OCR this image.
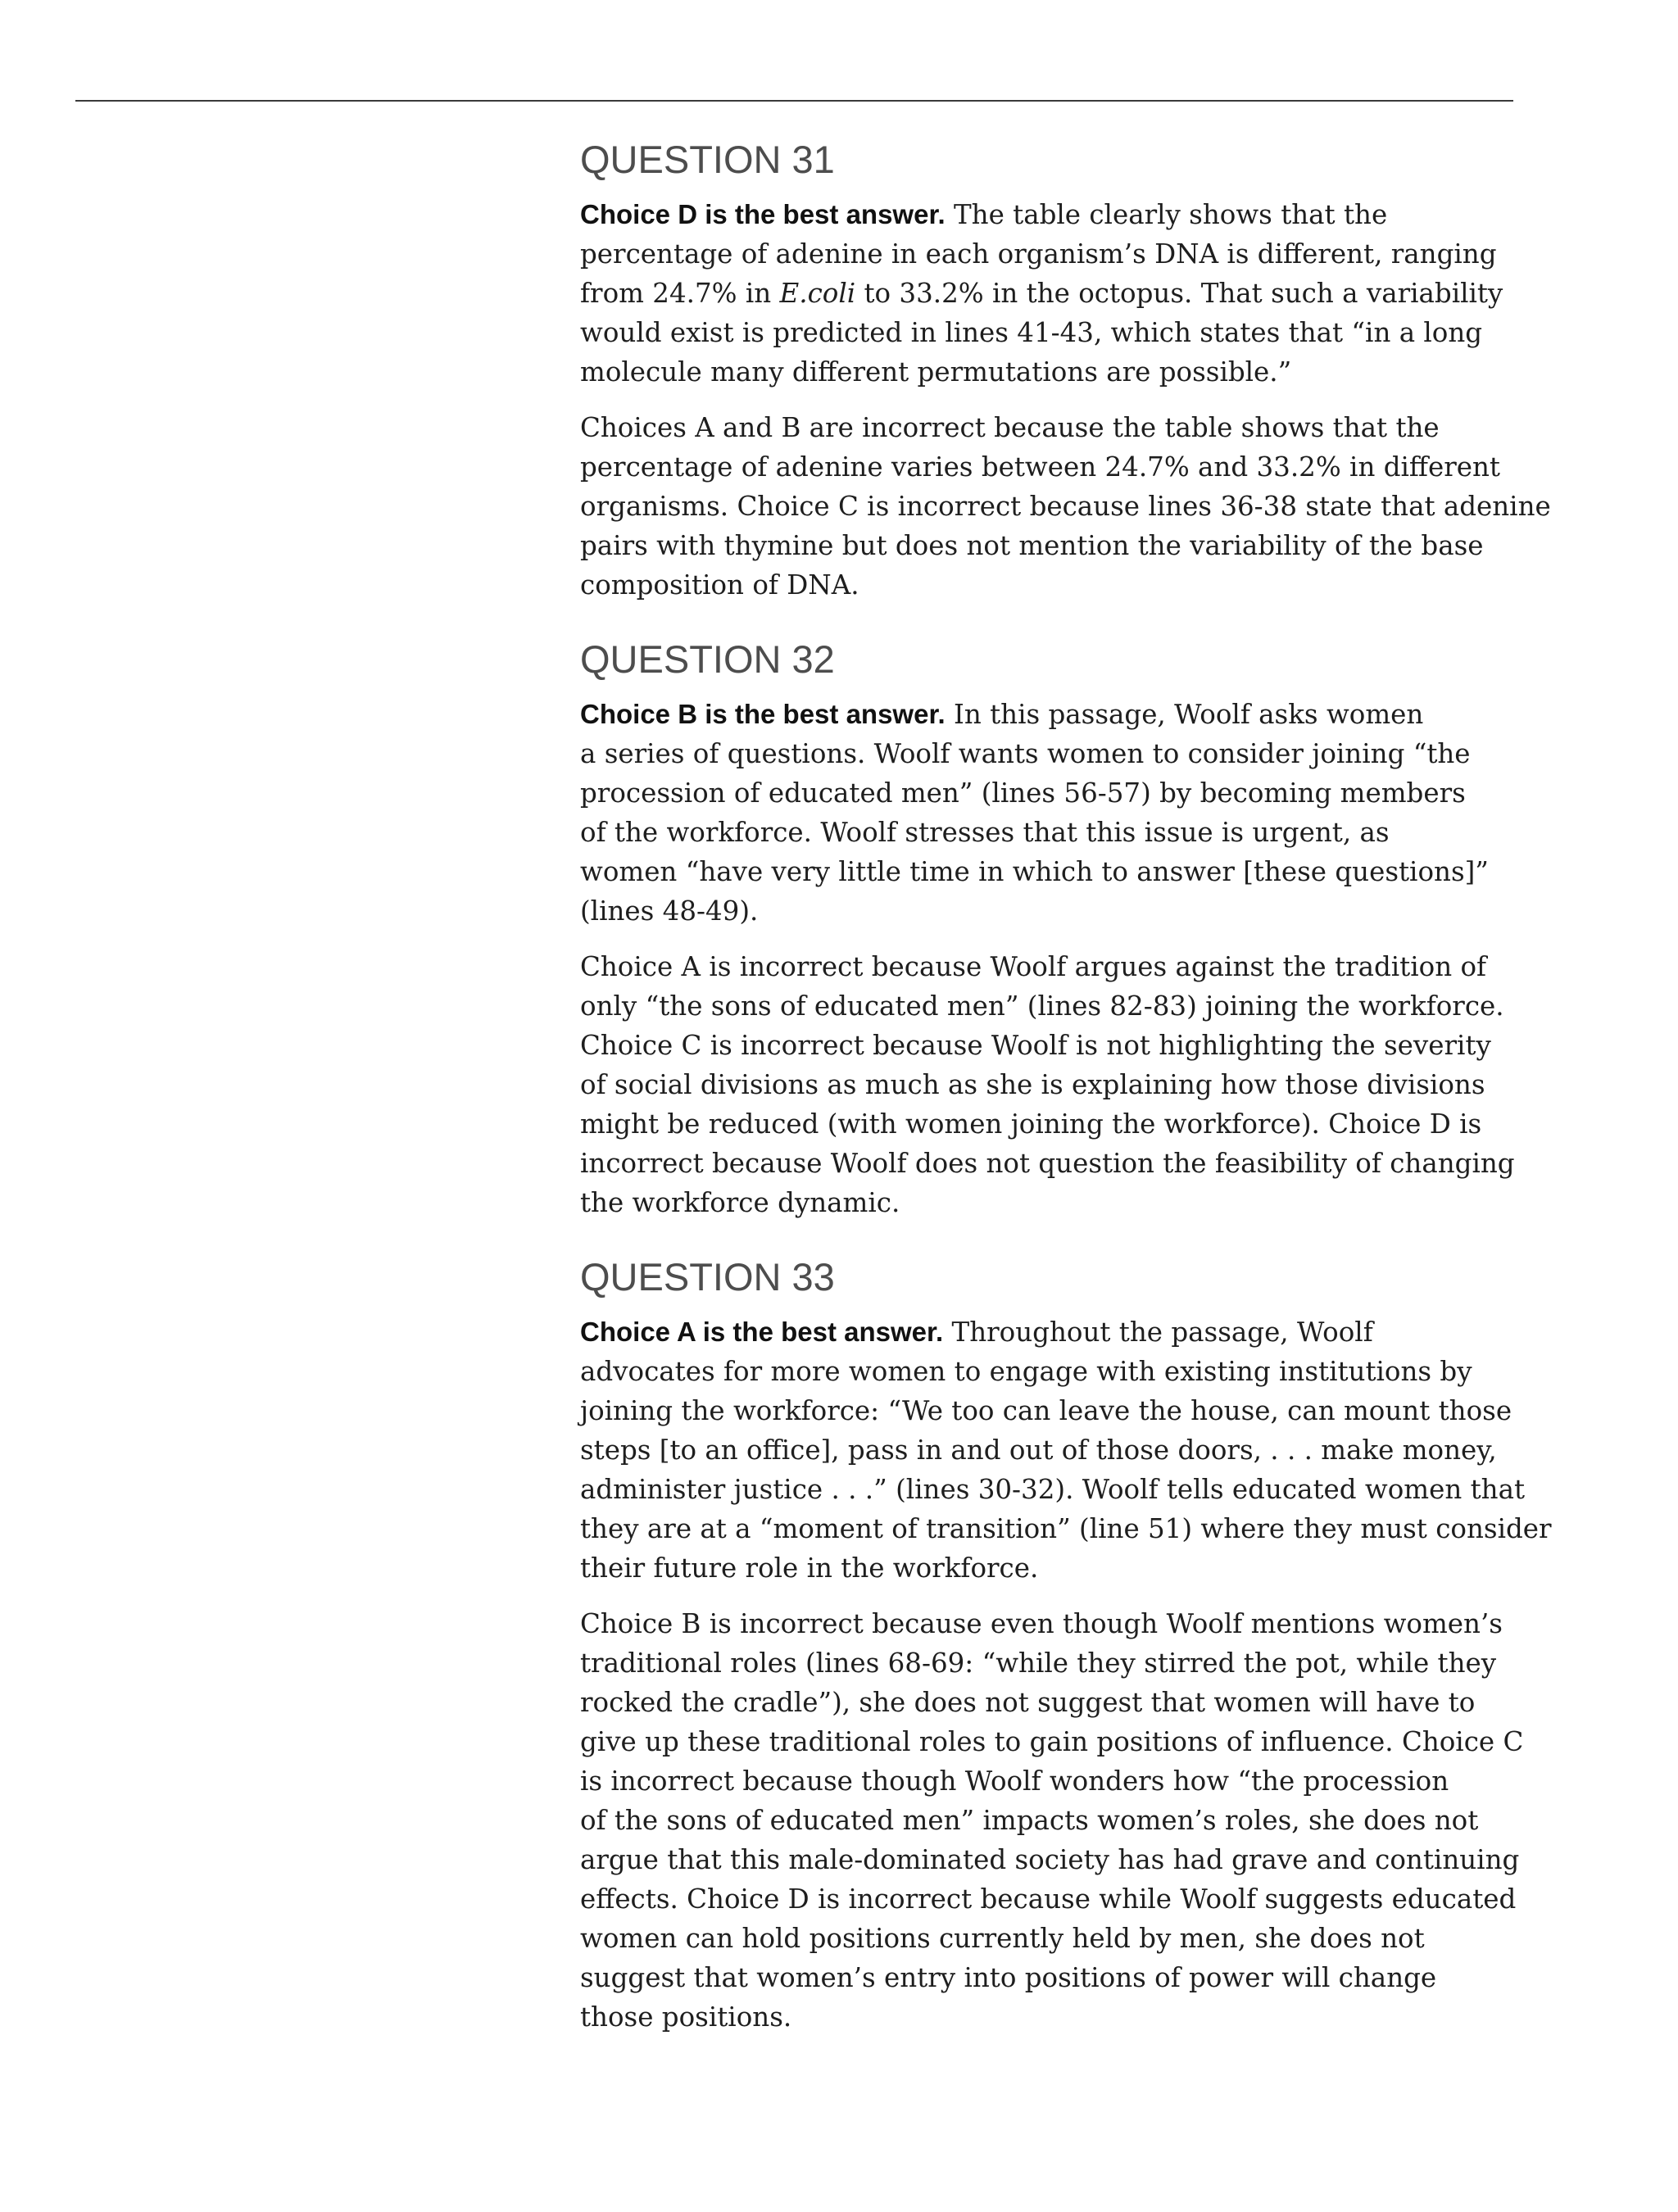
QUESTION 31

Choice D is the best answer. The table clearly shows that the
percentage of adenine in each organism’s DNA is different, ranging
from 24.7% in E.coli to 33.2% in the octopus. That such a variability
would exist is predicted in lines 41-43, which states that “in a long
molecule many different permutations are possible.”

Choices A and B are incorrect because the table shows that the
percentage of adenine varies between 24.7% and 33.2% in different
organisms. Choice C is incorrect because lines 36-38 state that adenine
pairs with thymine but does not mention the variability of the base
composition of DNA.

QUESTION 32

Choice B is the best answer. In this passage, Woolf asks women
a series of questions. Woolf wants women to consider joining “the
procession of educated men” (lines 56-57) by becoming members
of the workforce. Woolf stresses that this issue is urgent, as
women “have very little time in which to answer [these questions]”
(lines 48-49).

Choice A is incorrect because Woolf argues against the tradition of
only “the sons of educated men” (lines 82-83) joining the workforce.
Choice C is incorrect because Woolf is not highlighting the severity
of social divisions as much as she is explaining how those divisions
might be reduced (with women joining the workforce). Choice D is
incorrect because Woolf does not question the feasibility of changing
the workforce dynamic.

QUESTION 33

Choice A is the best answer. Throughout the passage, Woolf
advocates for more women to engage with existing institutions by
joining the workforce: “We too can leave the house, can mount those
steps [to an office], pass in and out of those doors, . . . make money,
administer justice . . .” (lines 30-32). Woolf tells educated women that
they are at a “moment of transition” (line 51) where they must consider
their future role in the workforce.

Choice B is incorrect because even though Woolf mentions women’s
traditional roles (lines 68-69: “while they stirred the pot, while they
rocked the cradle”), she does not suggest that women will have to
give up these traditional roles to gain positions of influence. Choice C
is incorrect because though Woolf wonders how “the procession
of the sons of educated men” impacts women’s roles, she does not
argue that this male-dominated society has had grave and continuing
effects. Choice D is incorrect because while Woolf suggests educated
women can hold positions currently held by men, she does not
suggest that women’s entry into positions of power will change
those positions.
